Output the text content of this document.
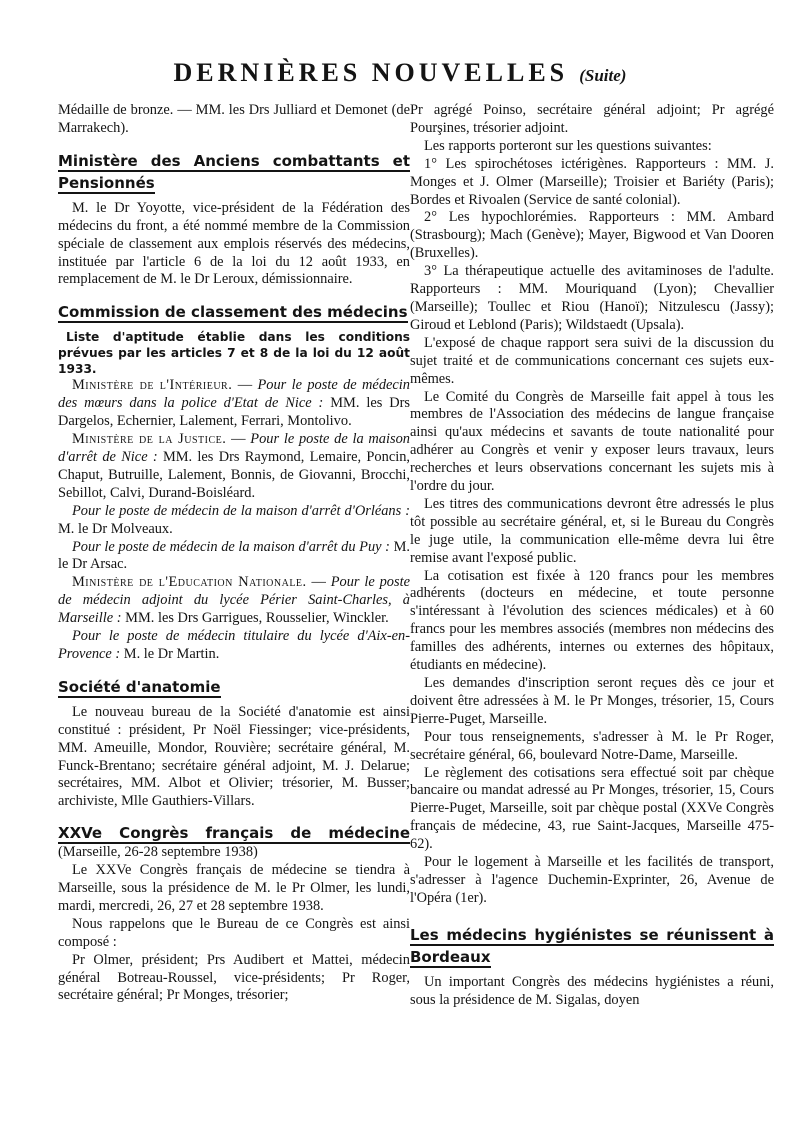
DERNIÈRES NOUVELLES (Suite)

Médaille de bronze. — MM. les Drs Julliard et Demonet (de Marrakech).

Ministère des Anciens combattants et Pensionnés

M. le Dr Yoyotte, vice-président de la Fédération des médecins du front, a été nommé membre de la Commission spéciale de classement aux emplois réservés des médecins, instituée par l'article 6 de la loi du 12 août 1933, en remplacement de M. le Dr Leroux, démissionnaire.

Commission de classement des médecins

Liste d'aptitude établie dans les conditions prévues par les articles 7 et 8 de la loi du 12 août 1933.

Ministère de l'Intérieur. — Pour le poste de médecin des mœurs dans la police d'Etat de Nice : MM. les Drs Dargelos, Echernier, Lalement, Ferrari, Montolivo.

Ministère de la Justice. — Pour le poste de la maison d'arrêt de Nice : MM. les Drs Raymond, Lemaire, Poncin, Chaput, Butruille, Lalement, Bonnis, de Giovanni, Brocchi, Sebillot, Calvi, Durand-Boisléard.

Pour le poste de médecin de la maison d'arrêt d'Orléans : M. le Dr Molveaux.

Pour le poste de médecin de la maison d'arrêt du Puy : M. le Dr Arsac.

Ministère de l'Education Nationale. — Pour le poste de médecin adjoint du lycée Périer Saint-Charles, à Marseille : MM. les Drs Garrigues, Rousselier, Winckler.

Pour le poste de médecin titulaire du lycée d'Aix-en-Provence : M. le Dr Martin.

Société d'anatomie

Le nouveau bureau de la Société d'anatomie est ainsi constitué : président, Pr Noël Fiessinger; vice-présidents, MM. Ameuille, Mondor, Rouvière; secrétaire général, M. Funck-Brentano; secrétaire général adjoint, M. J. Delarue; secrétaires, MM. Albot et Olivier; trésorier, M. Busser; archiviste, Mlle Gauthiers-Villars.

XXVe Congrès français de médecine (Marseille, 26-28 septembre 1938)

Le XXVe Congrès français de médecine se tiendra à Marseille, sous la présidence de M. le Pr Olmer, les lundi, mardi, mercredi, 26, 27 et 28 septembre 1938.

Nous rappelons que le Bureau de ce Congrès est ainsi composé :

Pr Olmer, président; Prs Audibert et Mattei, médecin général Botreau-Roussel, vice-présidents; Pr Roger, secrétaire général; Pr Monges, trésorier;

Pr agrégé Poinso, secrétaire général adjoint; Pr agrégé Pourşines, trésorier adjoint.

Les rapports porteront sur les questions suivantes:

1° Les spirochétoses ictérigènes. Rapporteurs : MM. J. Monges et J. Olmer (Marseille); Troisier et Bariéty (Paris); Bordes et Rivoalen (Service de santé colonial).

2° Les hypochlorémies. Rapporteurs : MM. Ambard (Strasbourg); Mach (Genève); Mayer, Bigwood et Van Dooren (Bruxelles).

3° La thérapeutique actuelle des avitaminoses de l'adulte. Rapporteurs : MM. Mouriquand (Lyon); Chevallier (Marseille); Toullec et Riou (Hanoï); Nitzulescu (Jassy); Giroud et Leblond (Paris); Wildstaedt (Upsala).

L'exposé de chaque rapport sera suivi de la discussion du sujet traité et de communications concernant ces sujets eux-mêmes.

Le Comité du Congrès de Marseille fait appel à tous les membres de l'Association des médecins de langue française ainsi qu'aux médecins et savants de toute nationalité pour adhérer au Congrès et venir y exposer leurs travaux, leurs recherches et leurs observations concernant les sujets mis à l'ordre du jour.

Les titres des communications devront être adressés le plus tôt possible au secrétaire général, et, si le Bureau du Congrès le juge utile, la communication elle-même devra lui être remise avant l'exposé public.

La cotisation est fixée à 120 francs pour les membres adhérents (docteurs en médecine, et toute personne s'intéressant à l'évolution des sciences médicales) et à 60 francs pour les membres associés (membres non médecins des familles des adhérents, internes ou externes des hôpitaux, étudiants en médecine).

Les demandes d'inscription seront reçues dès ce jour et doivent être adressées à M. le Pr Monges, trésorier, 15, Cours Pierre-Puget, Marseille.

Pour tous renseignements, s'adresser à M. le Pr Roger, secrétaire général, 66, boulevard Notre-Dame, Marseille.

Le règlement des cotisations sera effectué soit par chèque bancaire ou mandat adressé au Pr Monges, trésorier, 15, Cours Pierre-Puget, Marseille, soit par chèque postal (XXVe Congrès français de médecine, 43, rue Saint-Jacques, Marseille 475-62).

Pour le logement à Marseille et les facilités de transport, s'adresser à l'agence Duchemin-Exprinter, 26, Avenue de l'Opéra (1er).

Les médecins hygiénistes se réunissent à Bordeaux

Un important Congrès des médecins hygiénistes a réuni, sous la présidence de M. Sigalas, doyen
